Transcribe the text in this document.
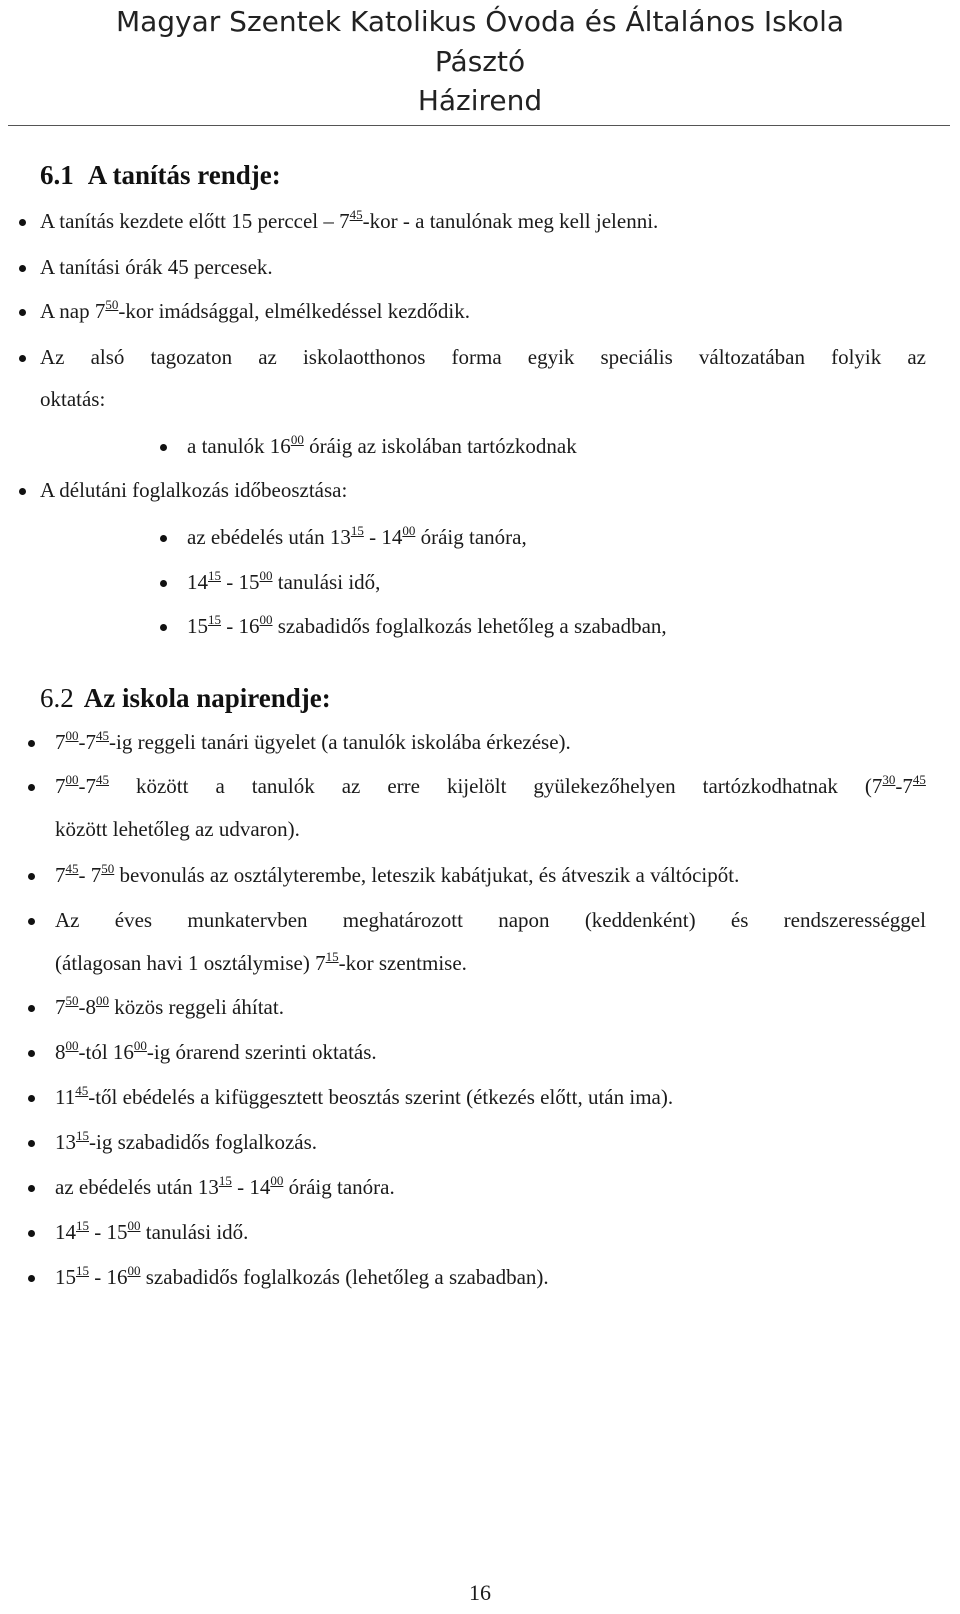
Magyar Szentek Katolikus Óvoda és Általános Iskola
Pásztó
Házirend
6.1 A tanítás rendje:
A tanítás kezdete előtt 15 perccel – $7^{45}$-kor - a tanulónak meg kell jelenni.
A tanítási órák 45 percesek.
A nap $7^{50}$-kor imádsággal, elmélkedéssel kezdődik.
Az alsó tagozaton az iskolaotthonos forma egyik speciális változatában folyik az
oktatás:
a tanulók $16^{00}$ óráig az iskolában tartózkodnak
A délutáni foglalkozás időbeosztása:
az ebédelés után $13^{15} - 14^{00}$ óráig tanóra,
$14^{15} - 15^{00}$ tanulási idő,
$15^{15} - 16^{00}$ szabadidős foglalkozás lehetőleg a szabadban,
6.2 Az iskola napirendje:
$7^{00}-7^{45}-ig$ reggeli tanári ügyelet (a tanulók iskolába érkezése).
$7^{00}-7^{45}$ között a tanulók az erre kijelölt gyülekezőhelyen tartózkodhatnak ($7^{30}-7^{45}$
között lehetőleg az udvaron).
$7^{45}-$ $7^{50}$ bevonulás az osztályterembe, leteszik kabátjukat, és átveszik a váltócipőt.
Az éves munkatervben meghatározott napon (keddenként) és rendszerességgel
(átlagosan havi 1 osztálymise) $7^{15}$-kor szentmise.
$7^{50}-8^{00}$ közös reggeli áhítat.
$8^{00}$-tól $16^{00}-ig$ órarend szerinti oktatás.
$11^{45}$-től ebédelés a kifüggesztett beosztás szerint (étkezés előtt, után ima).
$13^{15}-ig$ szabadidős foglalkozás.
az ebédelés után $13^{15} - 14^{00}$ óráig tanóra.
$14^{15} - 15^{00}$ tanulási idő.
$15^{15} - 16^{00}$ szabadidős foglalkozás (lehetőleg a szabadban).
16
